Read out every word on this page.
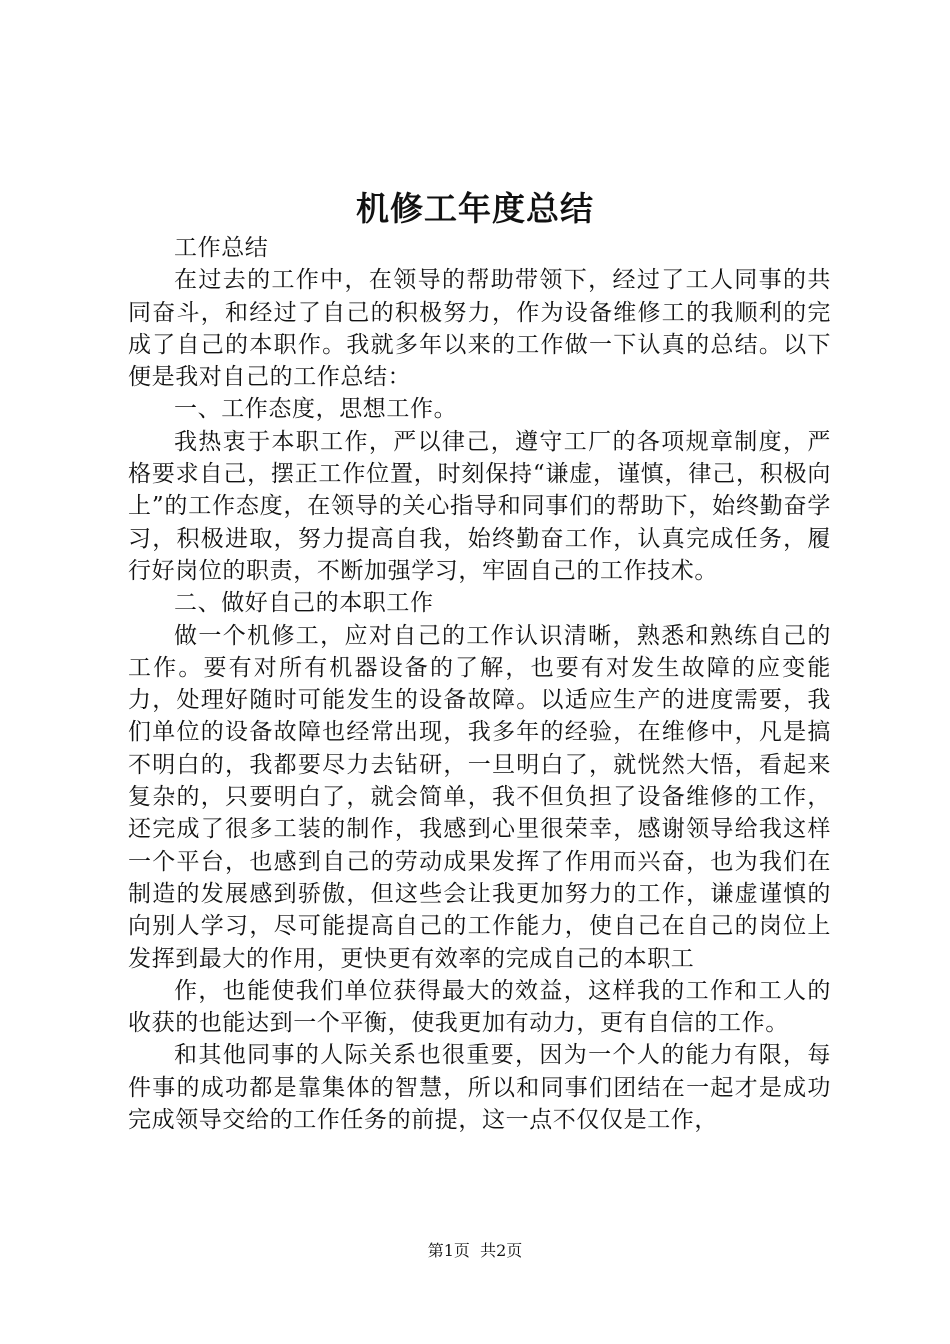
机修工年度总结

工作总结

在过去的工作中，在领导的帮助带领下，经过了工人同事的共同奋斗，和经过了自己的积极努力，作为设备维修工的我顺利的完成了自己的本职作。我就多年以来的工作做一下认真的总结。以下便是我对自己的工作总结：

一、工作态度，思想工作。

我热衷于本职工作，严以律己，遵守工厂的各项规章制度，严格要求自己，摆正工作位置，时刻保持“谦虚，谨慎，律己，积极向上”的工作态度，在领导的关心指导和同事们的帮助下，始终勤奋学习，积极进取，努力提高自我，始终勤奋工作，认真完成任务，履行好岗位的职责，不断加强学习，牢固自己的工作技术。

二、做好自己的本职工作

做一个机修工，应对自己的工作认识清晰，熟悉和熟练自己的工作。要有对所有机器设备的了解，也要有对发生故障的应变能力，处理好随时可能发生的设备故障。以适应生产的进度需要，我们单位的设备故障也经常出现，我多年的经验，在维修中，凡是搞不明白的，我都要尽力去钻研，一旦明白了，就恍然大悟，看起来复杂的，只要明白了，就会简单，我不但负担了设备维修的工作，还完成了很多工装的制作，我感到心里很荣幸，感谢领导给我这样一个平台，也感到自己的劳动成果发挥了作用而兴奋，也为我们在制造的发展感到骄傲，但这些会让我更加努力的工作，谦虚谨慎的向别人学习，尽可能提高自己的工作能力，使自己在自己的岗位上发挥到最大的作用，更快更有效率的完成自己的本职工

作，也能使我们单位获得最大的效益，这样我的工作和工人的收获的也能达到一个平衡，使我更加有动力，更有自信的工作。

和其他同事的人际关系也很重要，因为一个人的能力有限，每件事的成功都是靠集体的智慧，所以和同事们团结在一起才是成功完成领导交给的工作任务的前提，这一点不仅仅是工作，

第1页 共2页
